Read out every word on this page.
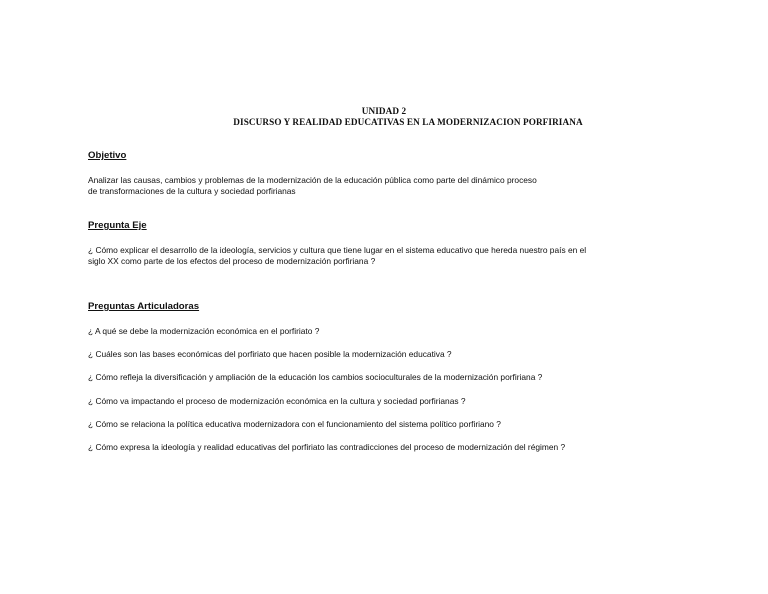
UNIDAD 2
DISCURSO Y REALIDAD EDUCATIVAS EN LA MODERNIZACION PORFIRIANA
Objetivo
Analizar las causas, cambios y problemas de la modernización de la educación pública como parte del dinámico proceso
de transformaciones de la cultura y sociedad porfirianas
Pregunta Eje
¿ Cómo explicar el desarrollo de la ideología, servicios y cultura que tiene lugar en el sistema educativo que hereda nuestro país en el
siglo XX como parte de los efectos del proceso de modernización porfiriana ?
Preguntas Articuladoras
¿ A qué se debe la modernización económica en el porfiriato ?
¿ Cuáles son las bases económicas del porfiriato que hacen posible la modernización educativa ?
¿ Cómo refleja la diversificación y ampliación de la educación los cambios socioculturales de la modernización porfiriana ?
¿ Cómo va impactando el proceso de modernización económica en la cultura y sociedad porfirianas ?
¿ Cómo se relaciona la política educativa modernizadora con el funcionamiento del sistema político porfiriano ?
¿ Cómo expresa la ideología y realidad educativas del porfiriato las contradicciones del proceso de modernización del régimen ?
